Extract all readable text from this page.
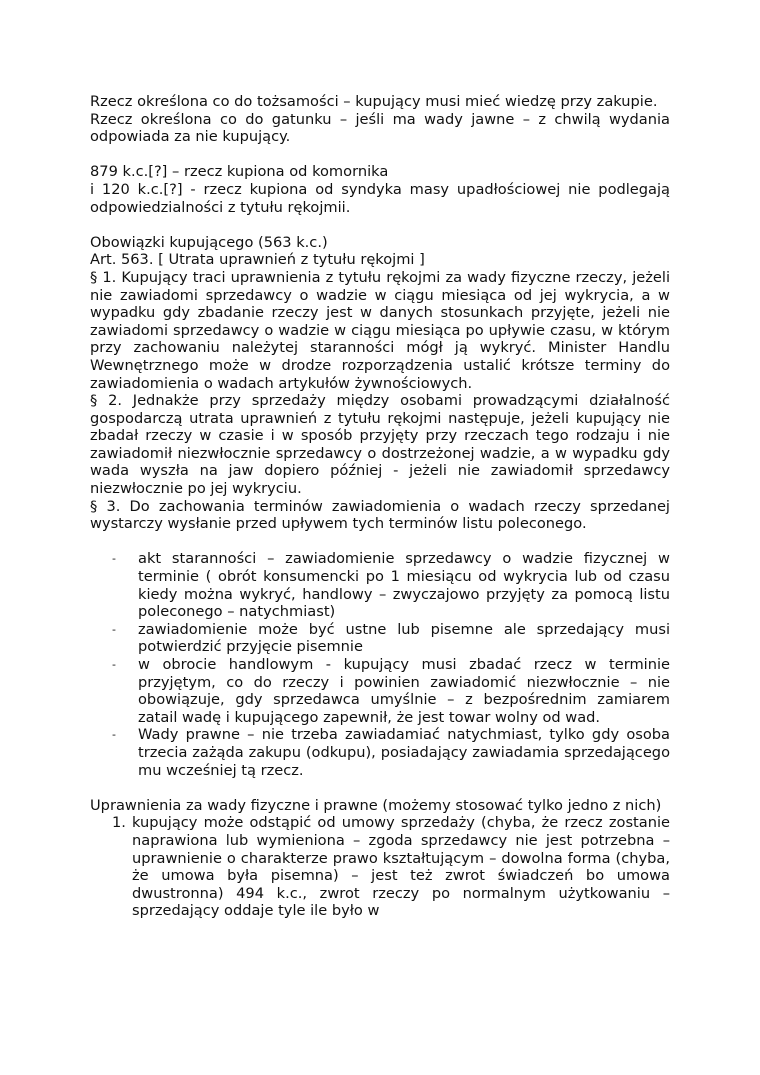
Rzecz określona co do tożsamości – kupujący musi mieć wiedzę przy zakupie.

Rzecz określona co do gatunku – jeśli ma wady jawne – z chwilą wydania odpowiada za nie kupujący.

879 k.c.[?] – rzecz kupiona od komornika

i 120 k.c.[?] - rzecz kupiona od syndyka masy upadłościowej nie podlegają odpowiedzialności z tytułu rękojmii.

Obowiązki kupującego (563 k.c.)

Art. 563. [ Utrata uprawnień z tytułu rękojmi ]

§ 1. Kupujący traci uprawnienia z tytułu rękojmi za wady fizyczne rzeczy, jeżeli nie zawiadomi sprzedawcy o wadzie w ciągu miesiąca od jej wykrycia, a w wypadku gdy zbadanie rzeczy jest w danych stosunkach przyjęte, jeżeli nie zawiadomi sprzedawcy o wadzie w ciągu miesiąca po upływie czasu, w którym przy zachowaniu należytej staranności mógł ją wykryć. Minister Handlu Wewnętrznego może w drodze rozporządzenia ustalić krótsze terminy do zawiadomienia o wadach artykułów żywnościowych.

§ 2. Jednakże przy sprzedaży między osobami prowadzącymi działalność gospodarczą utrata uprawnień z tytułu rękojmi następuje, jeżeli kupujący nie zbadał rzeczy w czasie i w sposób przyjęty przy rzeczach tego rodzaju i nie zawiadomił niezwłocznie sprzedawcy o dostrzeżonej wadzie, a w wypadku gdy wada wyszła na jaw dopiero później - jeżeli nie zawiadomił sprzedawcy niezwłocznie po jej wykryciu.

§ 3. Do zachowania terminów zawiadomienia o wadach rzeczy sprzedanej wystarczy wysłanie przed upływem tych terminów listu poleconego.

- akt staranności – zawiadomienie sprzedawcy o wadzie fizycznej w terminie ( obrót konsumencki po 1 miesiącu od wykrycia lub od czasu kiedy można wykryć, handlowy – zwyczajowo przyjęty za pomocą listu poleconego – natychmiast)
- zawiadomienie może być ustne lub pisemne ale sprzedający musi potwierdzić przyjęcie pisemnie
- w obrocie handlowym - kupujący musi zbadać rzecz w terminie przyjętym, co do rzeczy i powinien zawiadomić niezwłocznie – nie obowiązuje, gdy sprzedawca umyślnie – z bezpośrednim zamiarem zatail wadę i kupującego zapewnił, że jest towar wolny od wad.
- Wady prawne – nie trzeba zawiadamiać natychmiast, tylko gdy osoba trzecia zażąda zakupu (odkupu), posiadający zawiadamia sprzedającego mu wcześniej tą rzecz.

Uprawnienia za wady fizyczne i prawne (możemy stosować tylko jedno z nich)

1. kupujący może odstąpić od umowy sprzedaży (chyba, że rzecz zostanie naprawiona lub wymieniona – zgoda sprzedawcy nie jest potrzebna – uprawnienie o charakterze prawo kształtującym – dowolna forma (chyba, że umowa była pisemna) – jest też zwrot świadczeń bo umowa dwustronna) 494 k.c., zwrot rzeczy po normalnym użytkowaniu – sprzedający oddaje tyle ile było w
